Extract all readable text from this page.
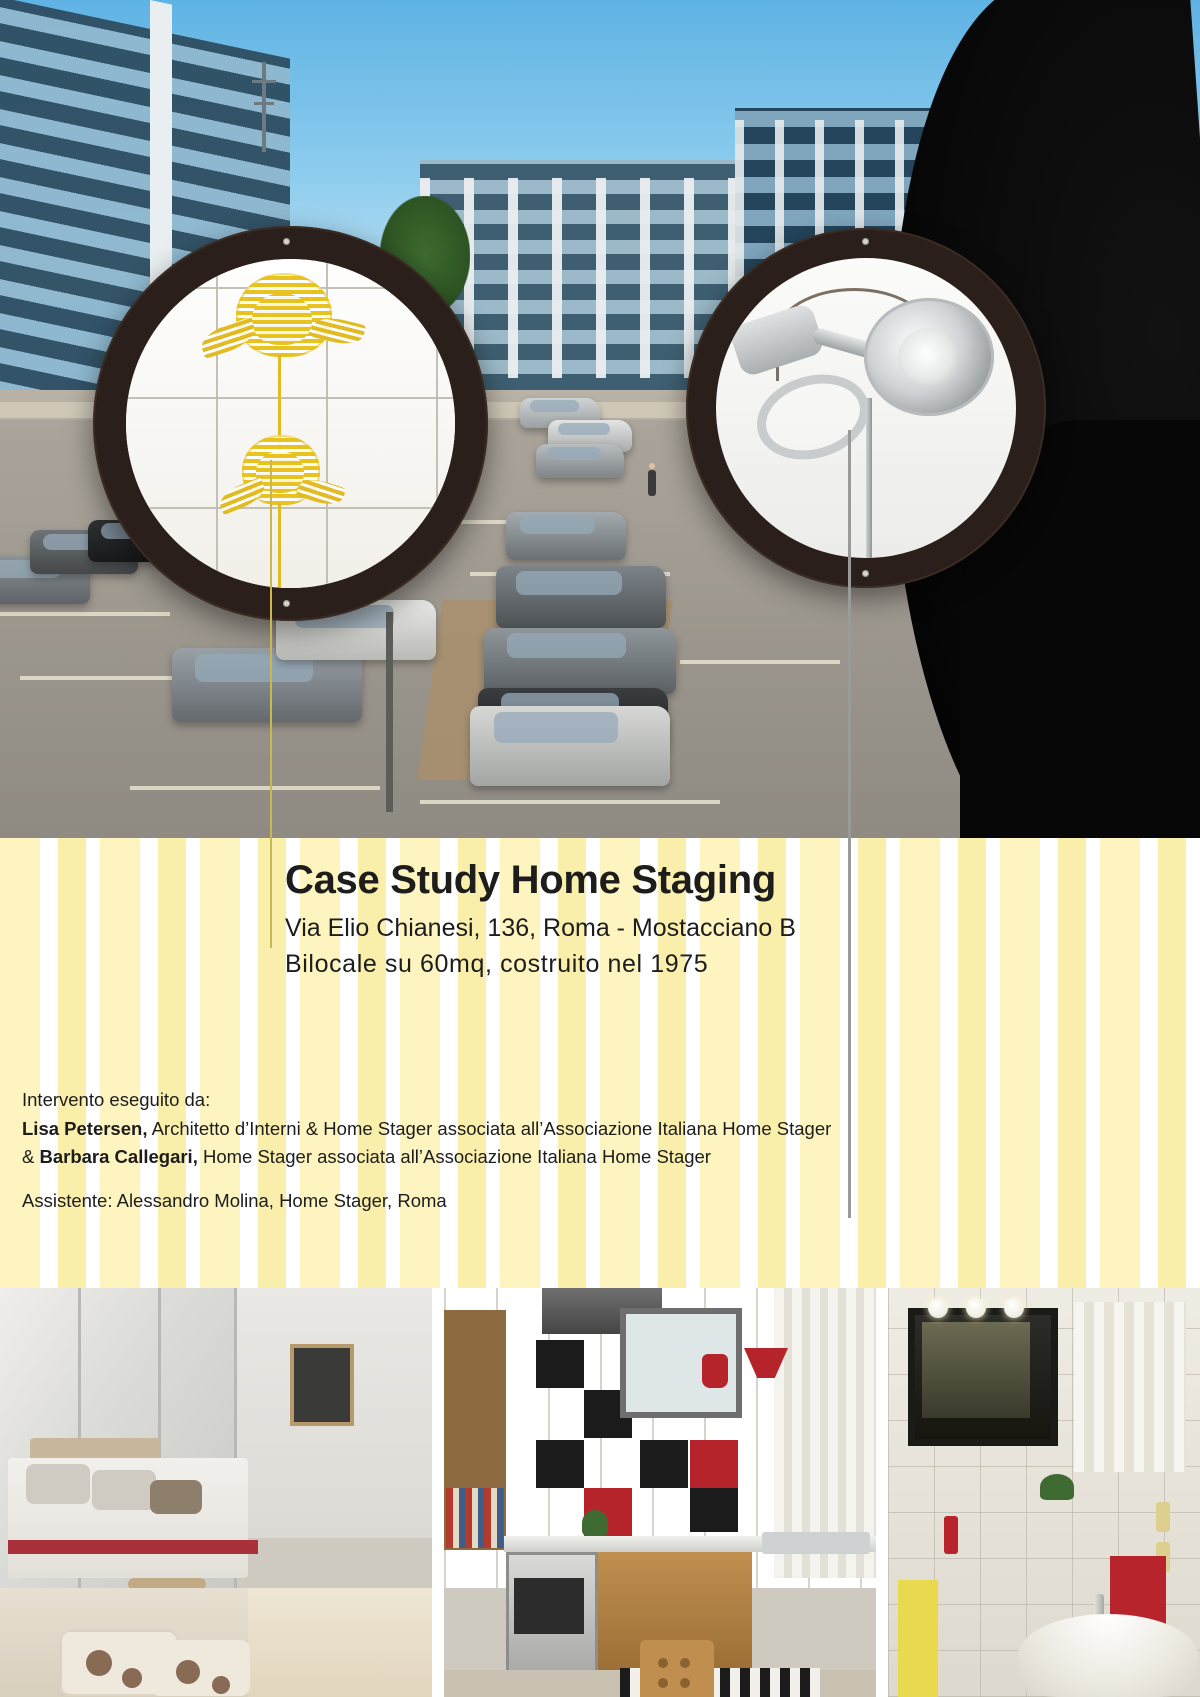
Case Study Home Staging
Via Elio Chianesi, 136, Roma - Mostacciano B
Bilocale su 60mq, costruito nel 1975
Intervento eseguito da:
Lisa Petersen, Architetto d’Interni & Home Stager associata all’Associazione Italiana Home Stager
& Barbara Callegari, Home Stager associata all’Associazione Italiana Home Stager
Assistente: Alessandro Molina, Home Stager, Roma
